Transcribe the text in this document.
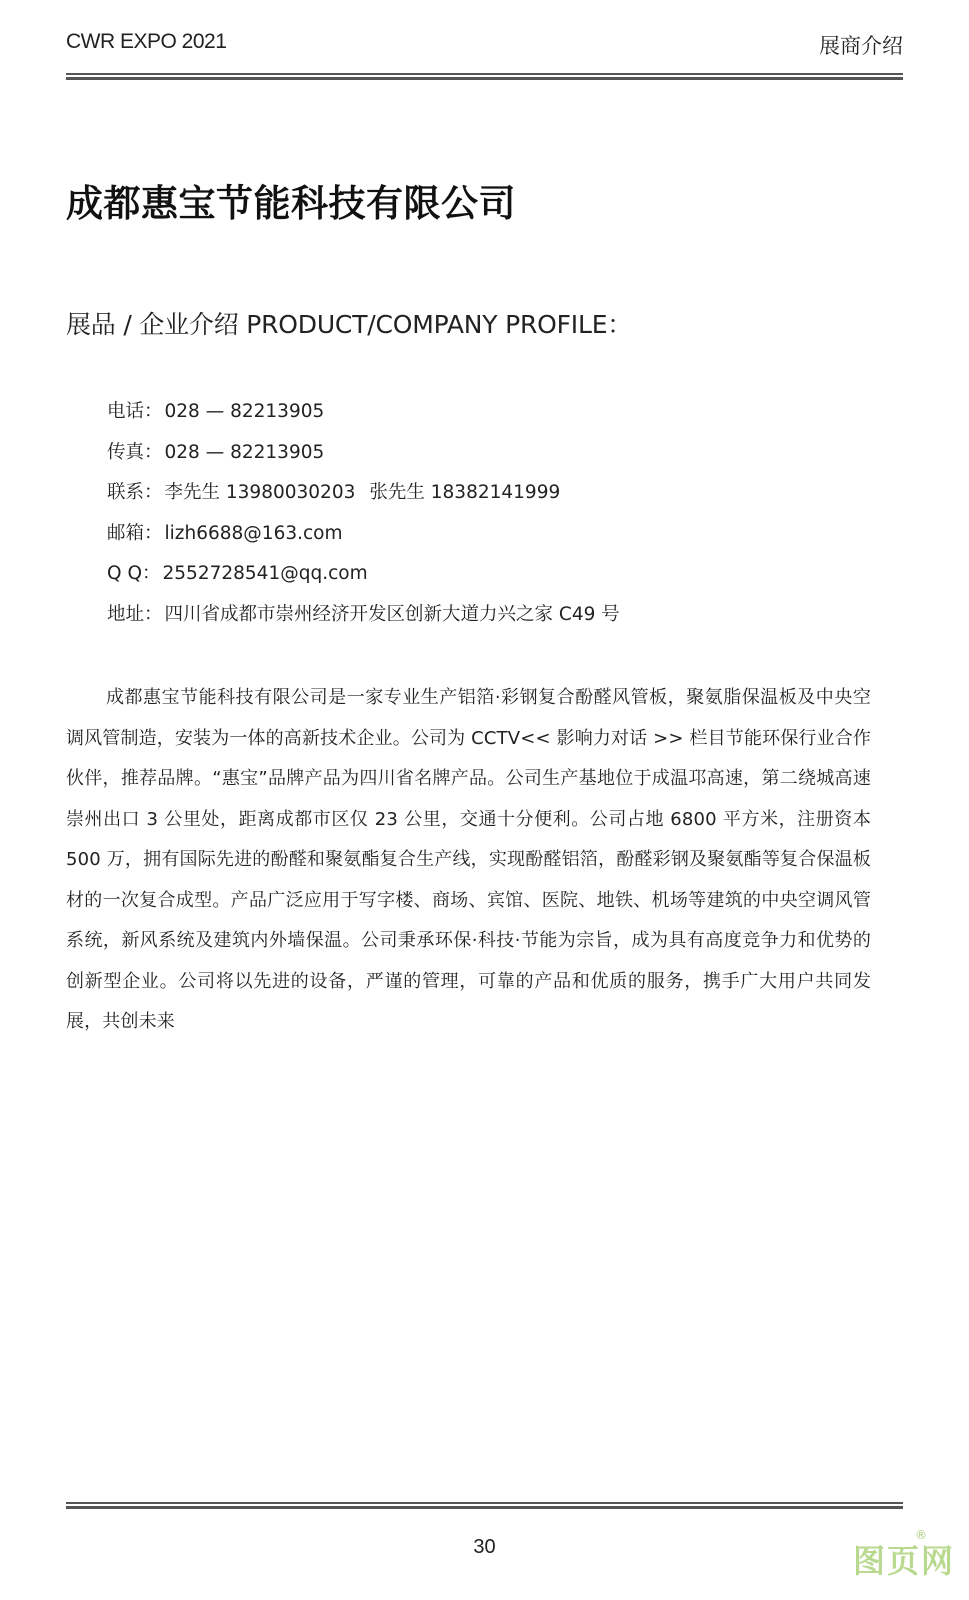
CWR EXPO 2021	展商介绍
成都惠宝节能科技有限公司
展品 / 企业介绍 PRODUCT/COMPANY PROFILE：
电话： 028 — 82213905
传真： 028 — 82213905
联系： 李先生 13980030203 张先生 18382141999
邮箱： lizh6688@163.com
Q Q： 2552728541@qq.com
地址： 四川省成都市崇州经济开发区创新大道力兴之家 C49 号

成都惠宝节能科技有限公司是一家专业生产铝箔·彩钢复合酚醛风管板，聚氨脂保温板及中央空调风管制造，安装为一体的高新技术企业。公司为 CCTV<< 影响力对话 >> 栏目节能环保行业合作伙伴，推荐品牌。“惠宝”品牌产品为四川省名牌产品。公司生产基地位于成温邛高速，第二绕城高速崇州出口 3 公里处，距离成都市区仅 23 公里，交通十分便利。公司占地 6800 平方米，注册资本 500 万，拥有国际先进的酚醛和聚氨酯复合生产线，实现酚醛铝箔，酚醛彩钢及聚氨酯等复合保温板材的一次复合成型。产品广泛应用于写字楼、商场、宾馆、医院、地铁、机场等建筑的中央空调风管系统，新风系统及建筑内外墙保温。公司秉承环保·科技·节能为宗旨，成为具有高度竞争力和优势的创新型企业。公司将以先进的设备，严谨的管理，可靠的产品和优质的服务，携手广大用户共同发展，共创未来

30
®
图页网
